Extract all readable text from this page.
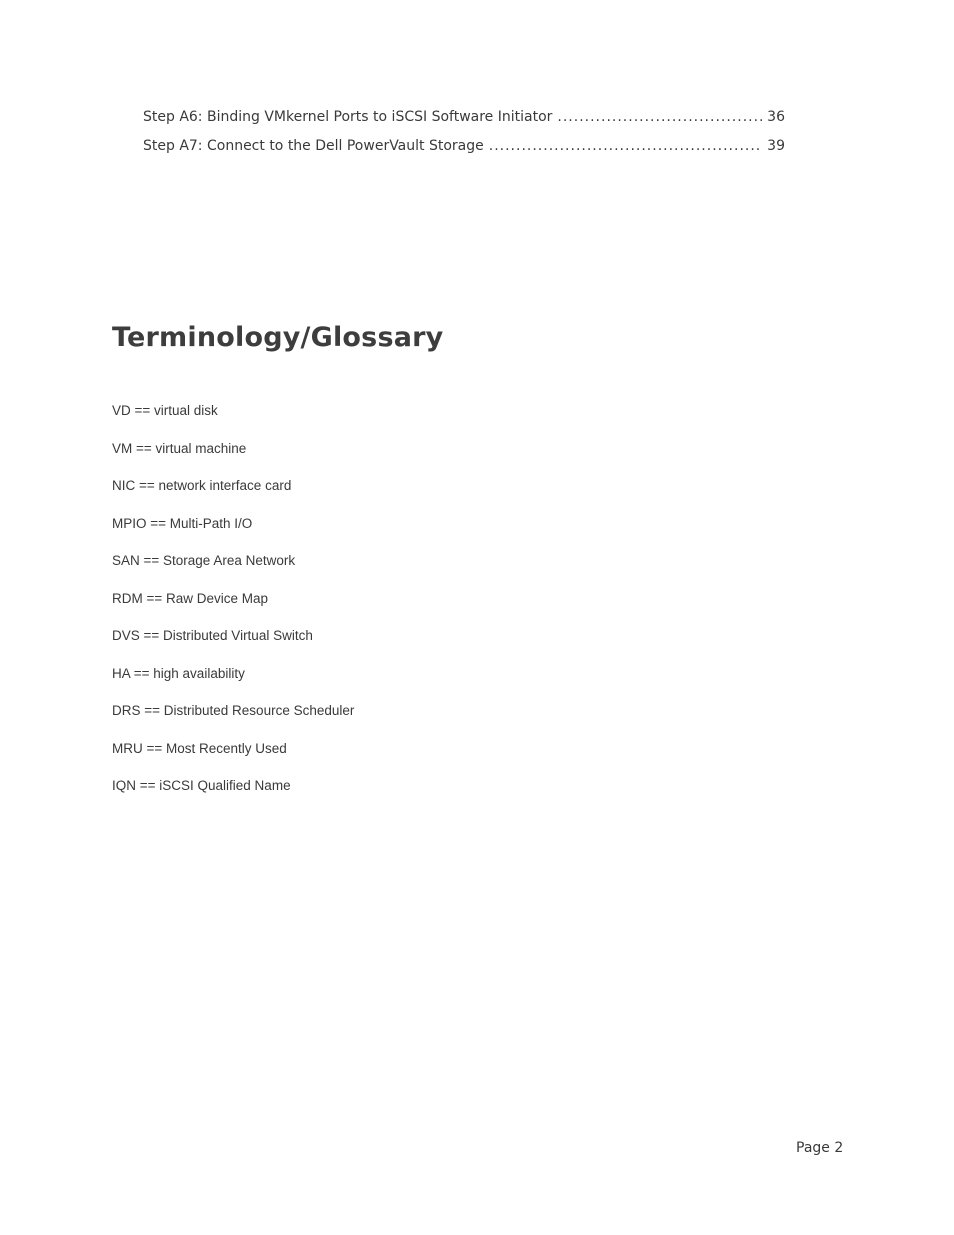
Step A6: Binding VMkernel Ports to iSCSI Software Initiator .....	36
Step A7: Connect to the Dell PowerVault Storage .....	39
Terminology/Glossary
VD == virtual disk
VM == virtual machine
NIC == network interface card
MPIO == Multi-Path I/O
SAN == Storage Area Network
RDM == Raw Device Map
DVS == Distributed Virtual Switch
HA == high availability
DRS == Distributed Resource Scheduler
MRU == Most Recently Used
IQN == iSCSI Qualified Name
Page 2
